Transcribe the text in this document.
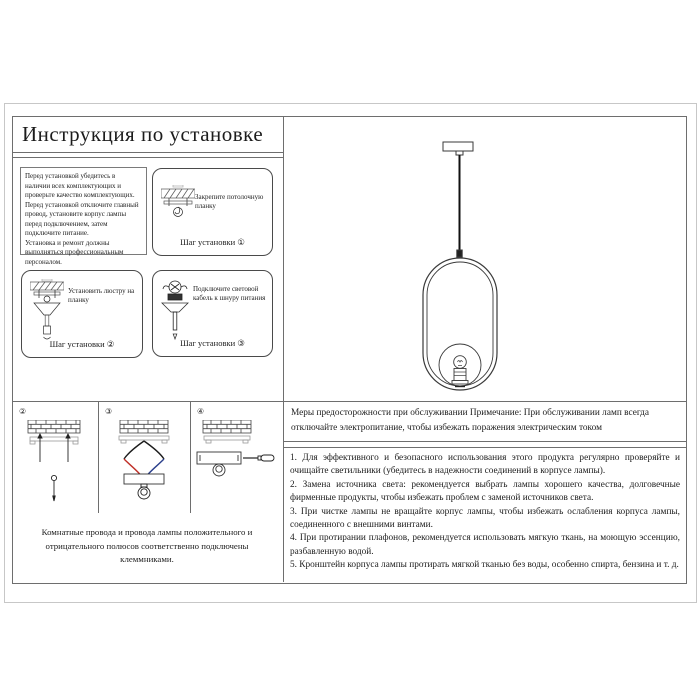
Инструкция по установке

Перед установкой убедитесь в наличии всех комплектующих и проверьте качество комплектующих.

Перед установкой отключите главный провод, установите корпус лампы перед подключением, затем подключите питание.

Установка и ремонт должны выполняться профессиональным персоналом.

Закрепите потолочную планку
Шаг установки ①
Установить люстру на планку
Шаг установки ②
Подключите световой кабель к шнуру питания
Шаг установки ③
②	③	④
Комнатные провода и провода лампы положительного и отрицательного полюсов соответственно подключены клеммниками.
Меры предосторожности при обслуживании Примечание: При обслуживании ламп всегда отключайте электропитание, чтобы избежать поражения электрическим током

1. Для эффективного и безопасного использования этого продукта регулярно проверяйте и очищайте светильники (убедитесь в надежности соединений в корпусе лампы).

2. Замена источника света: рекомендуется выбрать лампы хорошего качества, долговечные фирменные продукты, чтобы избежать проблем с заменой источников света.

3. При чистке лампы не вращайте корпус лампы, чтобы избежать ослабления корпуса лампы, соединенного с внешними винтами.

4. При протирании плафонов, рекомендуется использовать мягкую ткань, на моющую эссенцию, разбавленную водой.

5. Кронштейн корпуса лампы протирать мягкой тканью без воды, особенно спирта, бензина и т. д.
